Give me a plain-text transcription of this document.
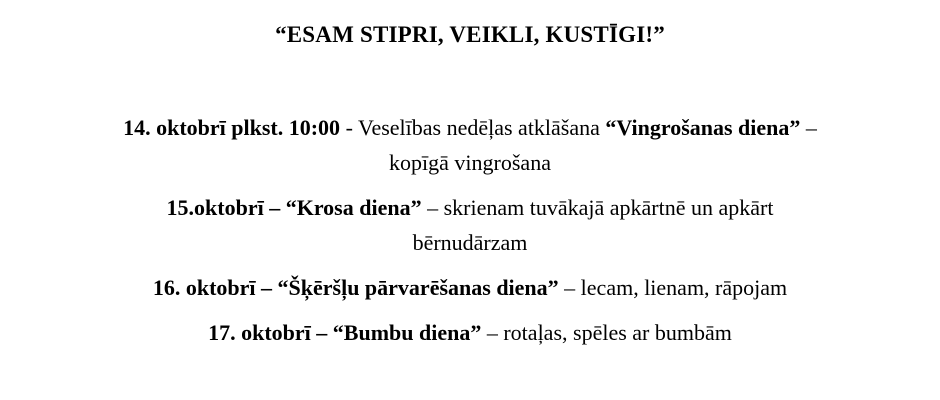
“ESAM STIPRI, VEIKLI, KUSTĪGI!”

14. oktobrī plkst. 10:00 - Veselības nedēļas atklāšana “Vingrošanas diena” – kopīgā vingrošana

15.oktobrī – “Krosa diena” – skrienam tuvākajā apkārtnē un apkārt bērnudārzam

16. oktobrī – “Šķēršļu pārvarēšanas diena” – lecam, lienam, rāpojam

17. oktobrī – “Bumbu diena” – rotaļas, spēles ar bumbām
